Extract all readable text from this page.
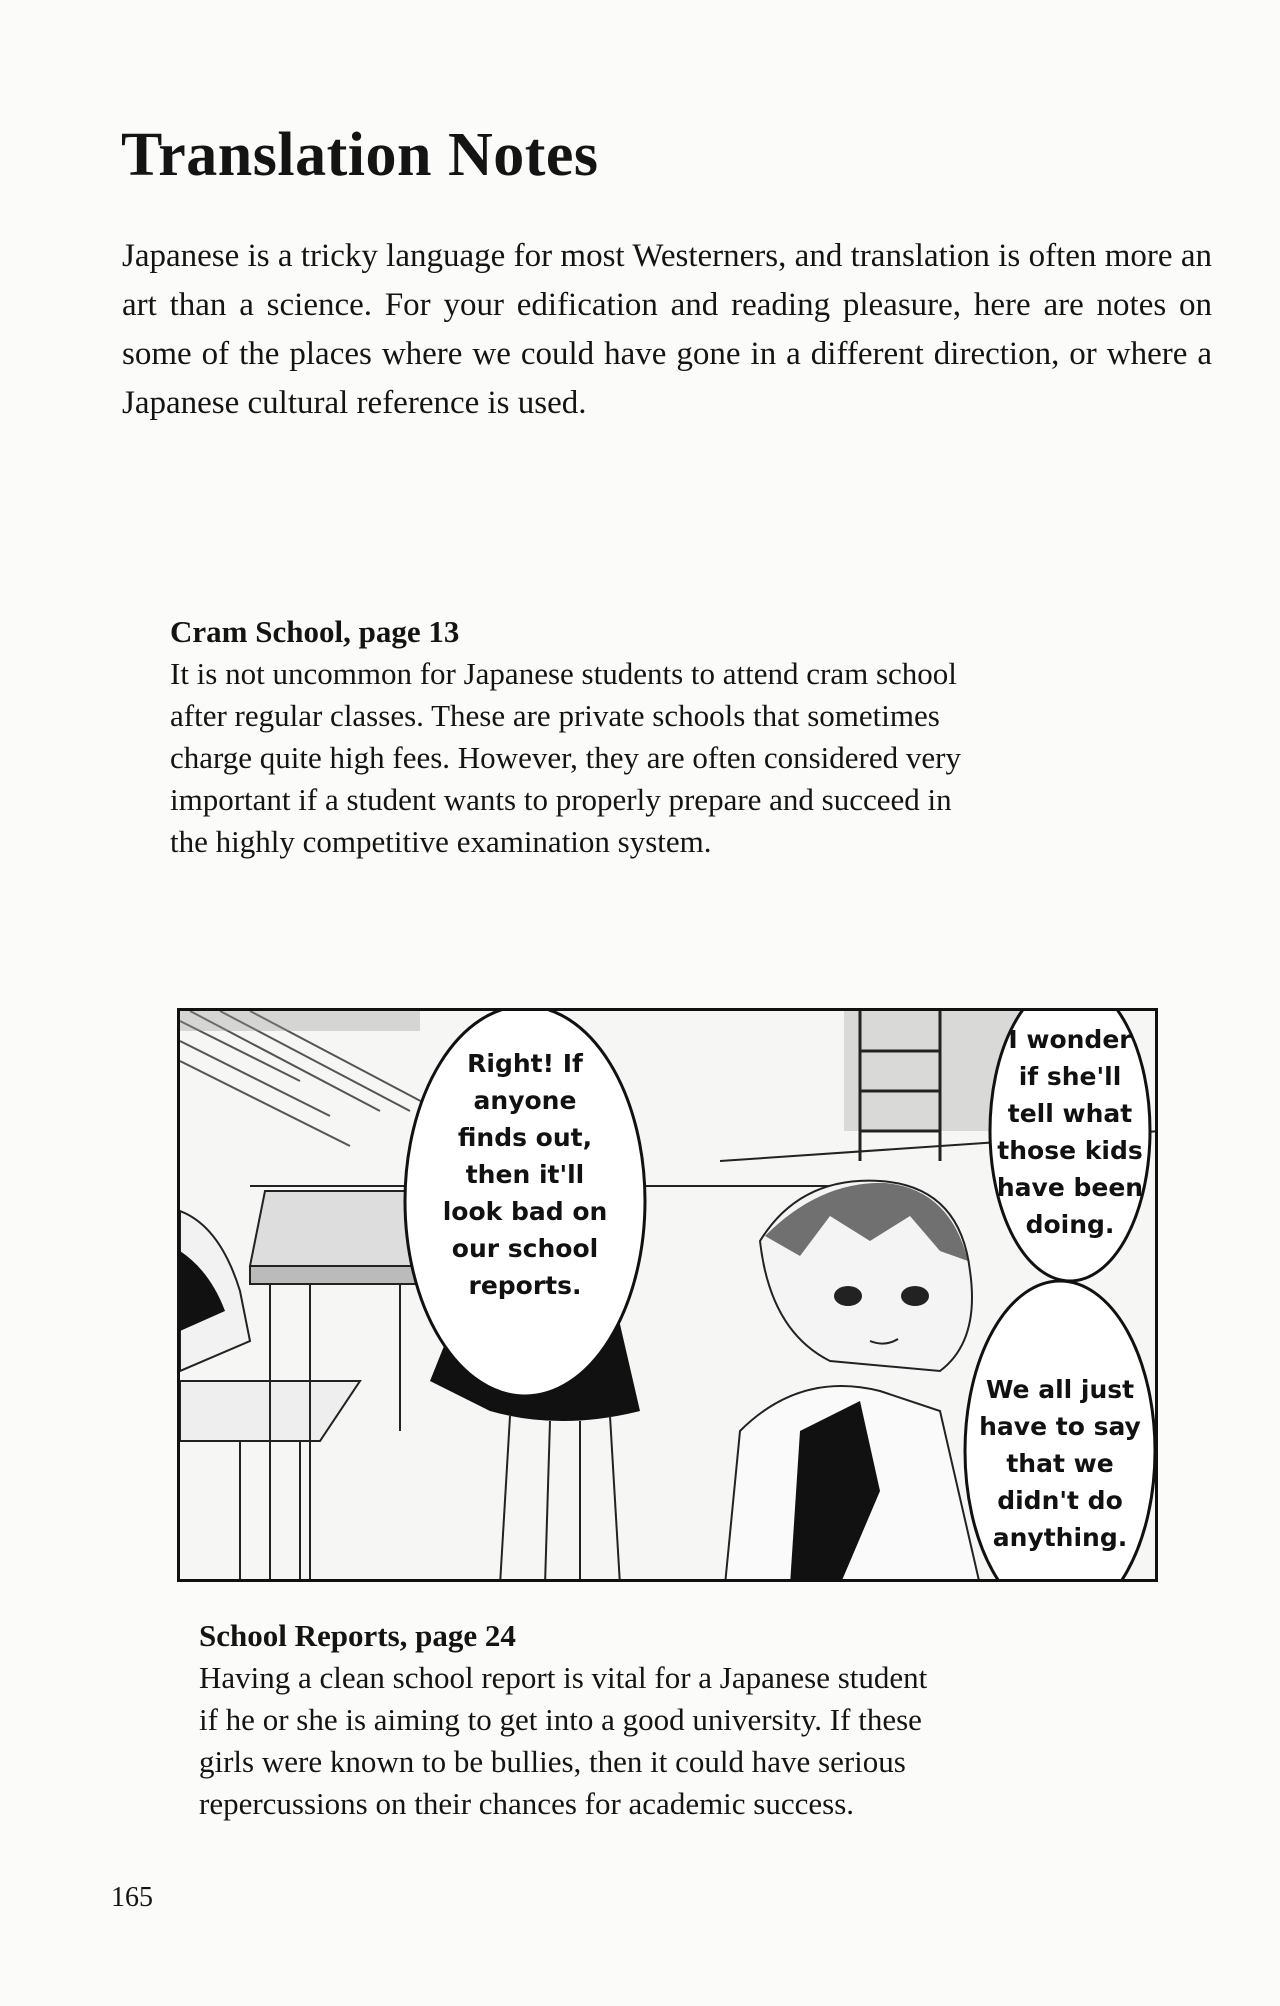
Translation Notes

Japanese is a tricky language for most Westerners, and translation is often more an art than a science. For your edification and reading pleasure, here are notes on some of the places where we could have gone in a different direction, or where a Japanese cultural reference is used.

Cram School, page 13

It is not uncommon for Japanese students to attend cram school
after regular classes. These are private schools that sometimes
charge quite high fees. However, they are often considered very
important if a student wants to properly prepare and succeed in
the highly competitive examination system.

Right! If
anyone
finds out,
then it'll
look bad on
our school
reports.
I wonder
if she'll
tell what
those kids
have been
doing.
We all just
have to say
that we
didn't do
anything.

School Reports, page 24

Having a clean school report is vital for a Japanese student
if he or she is aiming to get into a good university. If these
girls were known to be bullies, then it could have serious
repercussions on their chances for academic success.

165
